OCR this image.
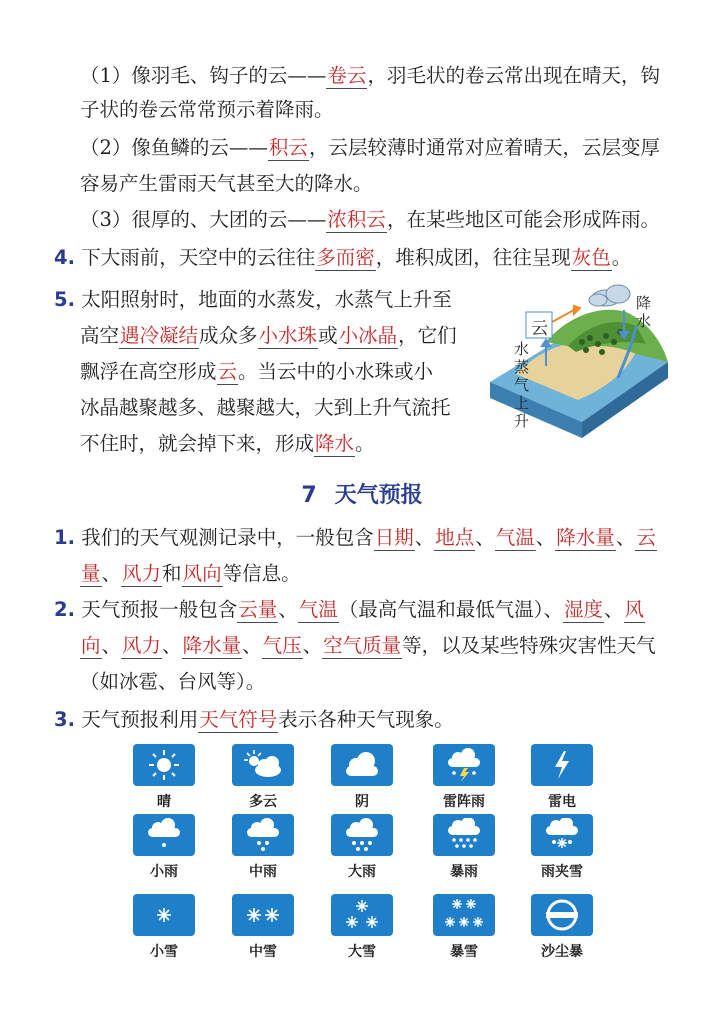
（1）像羽毛、钩子的云——卷云，羽毛状的卷云常出现在晴天，钩
子状的卷云常常预示着降雨。
（2）像鱼鳞的云——积云，云层较薄时通常对应着晴天，云层变厚
容易产生雷雨天气甚至大的降水。
（3）很厚的、大团的云——浓积云，在某些地区可能会形成阵雨。
4. 下大雨前，天空中的云往往多而密，堆积成团，往往呈现灰色。
5. 太阳照射时，地面的水蒸发，水蒸气上升至
高空遇冷凝结成众多小水珠或小冰晶，它们
飘浮在高空形成云。当云中的小水珠或小
冰晶越聚越多、越聚越大，大到上升气流托
不住时，就会掉下来，形成降水。
云
降
水
水
蒸
气
上
升
7 天气预报
1. 我们的天气观测记录中，一般包含日期、地点、气温、降水量、云
量、风力和风向等信息。
2. 天气预报一般包含云量、气温（最高气温和最低气温）、湿度、风
向、风力、降水量、气压、空气质量等，以及某些特殊灾害性天气
（如冰雹、台风等）。
3. 天气预报利用天气符号表示各种天气现象。
晴	多云	阴	雷阵雨	雷电
小雨	中雨	大雨	暴雨	雨夹雪
小雪	中雪	大雪	暴雪	沙尘暴
